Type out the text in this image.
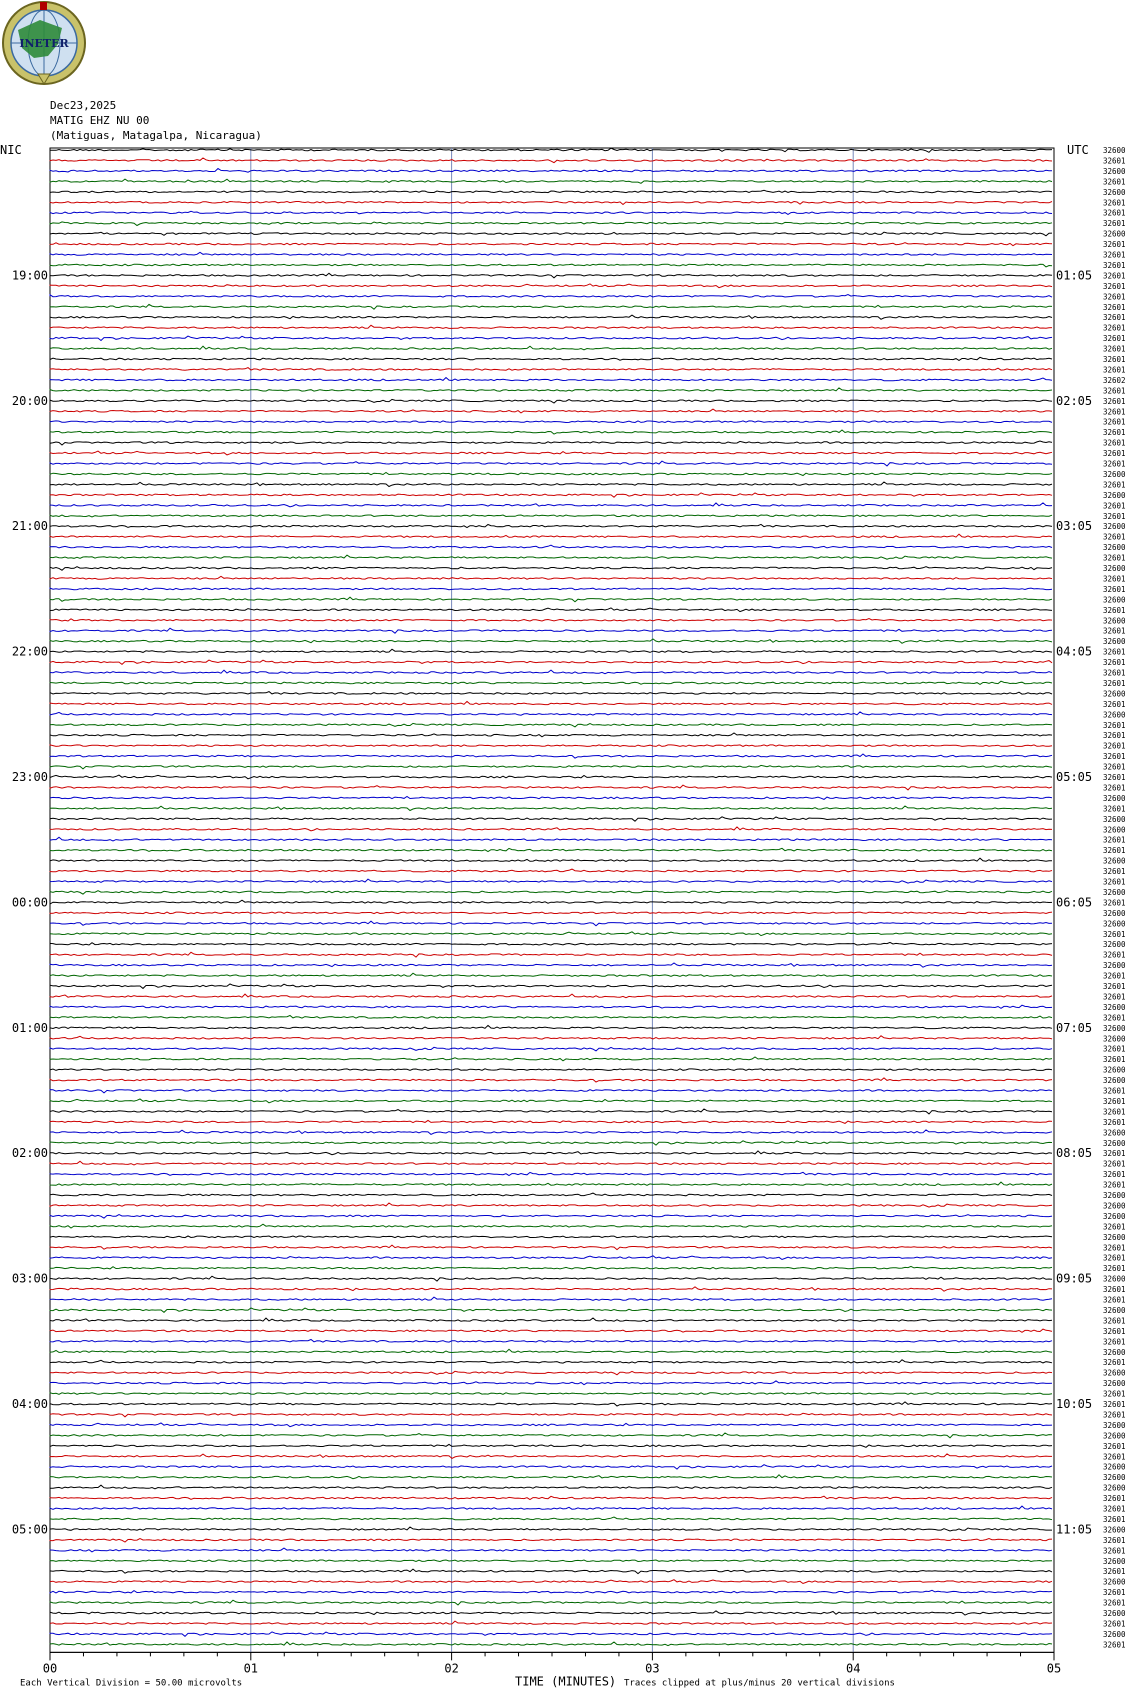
INETER
Dec23,2025
MATIG EHZ NU 00
(Matiguas, Matagalpa, Nicaragua)
32600
32601
32600
32601
32600
32601
32601
32601
32600
32601
32601
32601
32601
32601
32601
32601
32601
32601
32601
32601
32601
32601
32602
32601
32601
32601
32601
32601
32601
32601
32601
32600
32601
32600
32601
32601
32600
32601
32600
32601
32600
32601
32601
32600
32601
32600
32601
32600
32601
32601
32601
32601
32600
32601
32600
32601
32601
32601
32601
32601
32601
32601
32600
32601
32600
32600
32601
32601
32600
32601
32601
32600
32601
32600
32600
32601
32600
32601
32600
32601
32601
32601
32600
32601
32600
32600
32601
32601
32600
32600
32601
32601
32601
32601
32600
32600
32601
32601
32601
32601
32600
32600
32600
32601
32600
32601
32601
32601
32600
32601
32601
32600
32601
32601
32601
32600
32601
32600
32600
32601
32601
32601
32600
32600
32601
32601
32600
32600
32600
32601
32601
32601
32600
32601
32601
32600
32601
32600
32601
32601
32600
32601
32600
32601
NIC	UTC
19:00
20:00
21:00
22:00
23:00
00:00
01:00
02:00
03:00
04:00
05:00
01:05
02:05
03:05
04:05
05:05
06:05
07:05
08:05
09:05
10:05
11:05
00	01	02	03	04	05
Each Vertical Division = 50.00 microvolts	TIME (MINUTES) Traces clipped at plus/minus 20 vertical divisions
